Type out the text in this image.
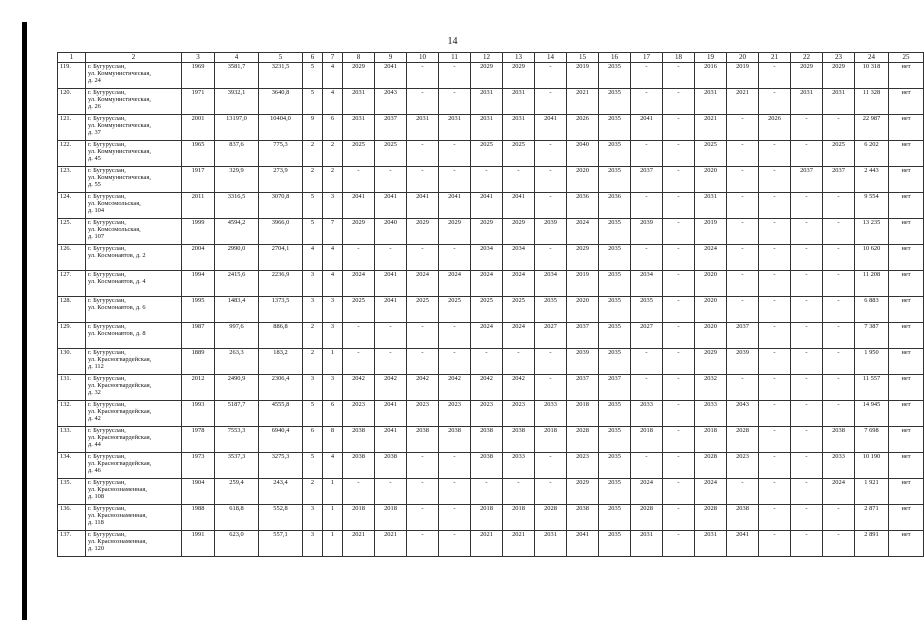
14
1	2	3	4	5	6	7	8	9	10	11	12	13	14	15	16	17	18	19	20	21	22	23	24	25
119.	г. Бугуруслан,
ул. Коммунистическая,
д. 24	1969	3581,7	3231,5	5	4	2029	2041	-	-	2029	2029	-	2019	2035	-	-	2016	2019	-	2029	2029	10 318	нет
120.	г. Бугуруслан,
ул. Коммунистическая,
д. 26	1971	3932,1	3640,8	5	4	2031	2043	-	-	2031	2031	-	2021	2035	-	-	2031	2021	-	2031	2031	11 328	нет
121.	г. Бугуруслан,
ул. Коммунистическая,
д. 37	2001	13197,0	10404,0	9	6	2031	2037	2031	2031	2031	2031	2041	2026	2035	2041	-	2021	-	2026	-	-	22 987	нет
122.	г. Бугуруслан,
ул. Коммунистическая,
д. 45	1965	837,6	775,3	2	2	2025	2025	-	-	2025	2025	-	2040	2035	-	-	2025	-	-	-	2025	6 202	нет
123.	г. Бугуруслан,
ул. Коммунистическая,
д. 55	1917	329,9	273,9	2	2	-	-	-	-	-	-	-	2020	2035	2037	-	2020	-	-	2037	2037	2 443	нет
124.	г. Бугуруслан,
ул. Комсомольская,
д. 104	2011	3316,5	3070,8	5	3	2041	2041	2041	2041	2041	2041	-	2036	2036	-	-	2031	-	-	-	-	9 554	нет
125.	г. Бугуруслан,
ул. Комсомольская,
д. 107	1999	4594,2	3966,0	5	7	2029	2040	2029	2029	2029	2029	2039	2024	2035	2039	-	2019	-	-	-	-	13 235	нет
126.	г. Бугуруслан,
ул. Космонавтов, д. 2	2004	2990,0	2704,1	4	4	-	-	-	-	2034	2034	-	2029	2035	-	-	2024	-	-	-	-	10 620	нет
127.	г. Бугуруслан,
ул. Космонавтов, д. 4	1994	2415,6	2236,9	3	4	2024	2041	2024	2024	2024	2024	2034	2019	2035	2034	-	2020	-	-	-	-	11 208	нет
128.	г. Бугуруслан,
ул. Космонавтов, д. 6	1995	1483,4	1373,5	3	3	2025	2041	2025	2025	2025	2025	2035	2020	2035	2035	-	2020	-	-	-	-	6 883	нет
129.	г. Бугуруслан,
ул. Космонавтов, д. 8	1987	997,6	886,8	2	3	-	-	-	-	2024	2024	2027	2037	2035	2027	-	2020	2037	-	-	-	7 387	нет
130.	г. Бугуруслан,
ул. Красногвардейская,
д. 112	1889	263,3	183,2	2	1	-	-	-	-	-	-	-	2039	2035	-	-	2029	2039	-	-	-	1 950	нет
131.	г. Бугуруслан,
ул. Красногвардейская,
д. 32	2012	2490,9	2306,4	3	3	2042	2042	2042	2042	2042	2042	-	2037	2037	-	-	2032	-	-	-	-	11 557	нет
132.	г. Бугуруслан,
ул. Красногвардейская,
д. 42	1993	5187,7	4555,8	5	6	2023	2041	2023	2023	2023	2023	2033	2018	2035	2033	-	2033	2043	-	-	-	14 945	нет
133.	г. Бугуруслан,
ул. Красногвардейская,
д. 44	1978	7553,3	6940,4	6	8	2038	2041	2038	2038	2038	2038	2018	2028	2035	2018	-	2018	2028	-	-	2038	7 698	нет
134.	г. Бугуруслан,
ул. Красногвардейская,
д. 46	1973	3537,3	3275,3	5	4	2038	2038	-	-	2038	2033	-	2023	2035	-	-	2028	2023	-	-	2033	10 190	нет
135.	г. Бугуруслан,
ул. Краснознаменная,
д. 108	1904	259,4	243,4	2	1	-	-	-	-	-	-	-	2029	2035	2024	-	2024	-	-	-	2024	1 921	нет
136.	г. Бугуруслан,
ул. Краснознаменная,
д. 118	1988	618,8	552,8	3	1	2018	2018	-	-	2018	2018	2028	2038	2035	2028	-	2028	2038	-	-	-	2 871	нет
137.	г. Бугуруслан,
ул. Краснознаменная,
д. 120	1991	623,0	557,1	3	1	2021	2021	-	-	2021	2021	2031	2041	2035	2031	-	2031	2041	-	-	-	2 891	нет
